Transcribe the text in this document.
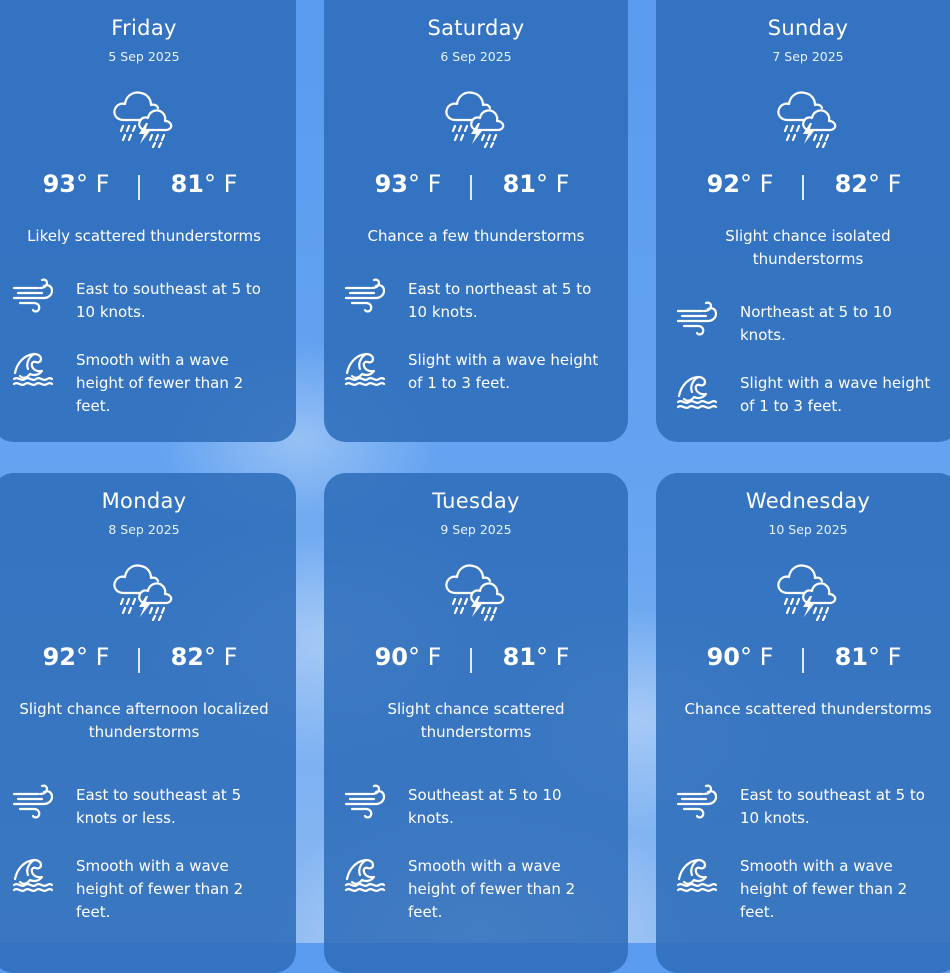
Friday
5 Sep 2025
93° F	81° F
Likely scattered thunderstorms
East to southeast at 5 to 10 knots.
Smooth with a wave height of fewer than 2 feet.
Saturday
6 Sep 2025
93° F	81° F
Chance a few thunderstorms
East to northeast at 5 to 10 knots.
Slight with a wave height of 1 to 3 feet.
Sunday
7 Sep 2025
92° F	82° F
Slight chance isolated thunderstorms
Northeast at 5 to 10 knots.
Slight with a wave height of 1 to 3 feet.
Monday
8 Sep 2025
92° F	82° F
Slight chance afternoon localized thunderstorms
East to southeast at 5 knots or less.
Smooth with a wave height of fewer than 2 feet.
Tuesday
9 Sep 2025
90° F	81° F
Slight chance scattered thunderstorms
Southeast at 5 to 10 knots.
Smooth with a wave height of fewer than 2 feet.
Wednesday
10 Sep 2025
90° F	81° F
Chance scattered thunderstorms
East to southeast at 5 to 10 knots.
Smooth with a wave height of fewer than 2 feet.
